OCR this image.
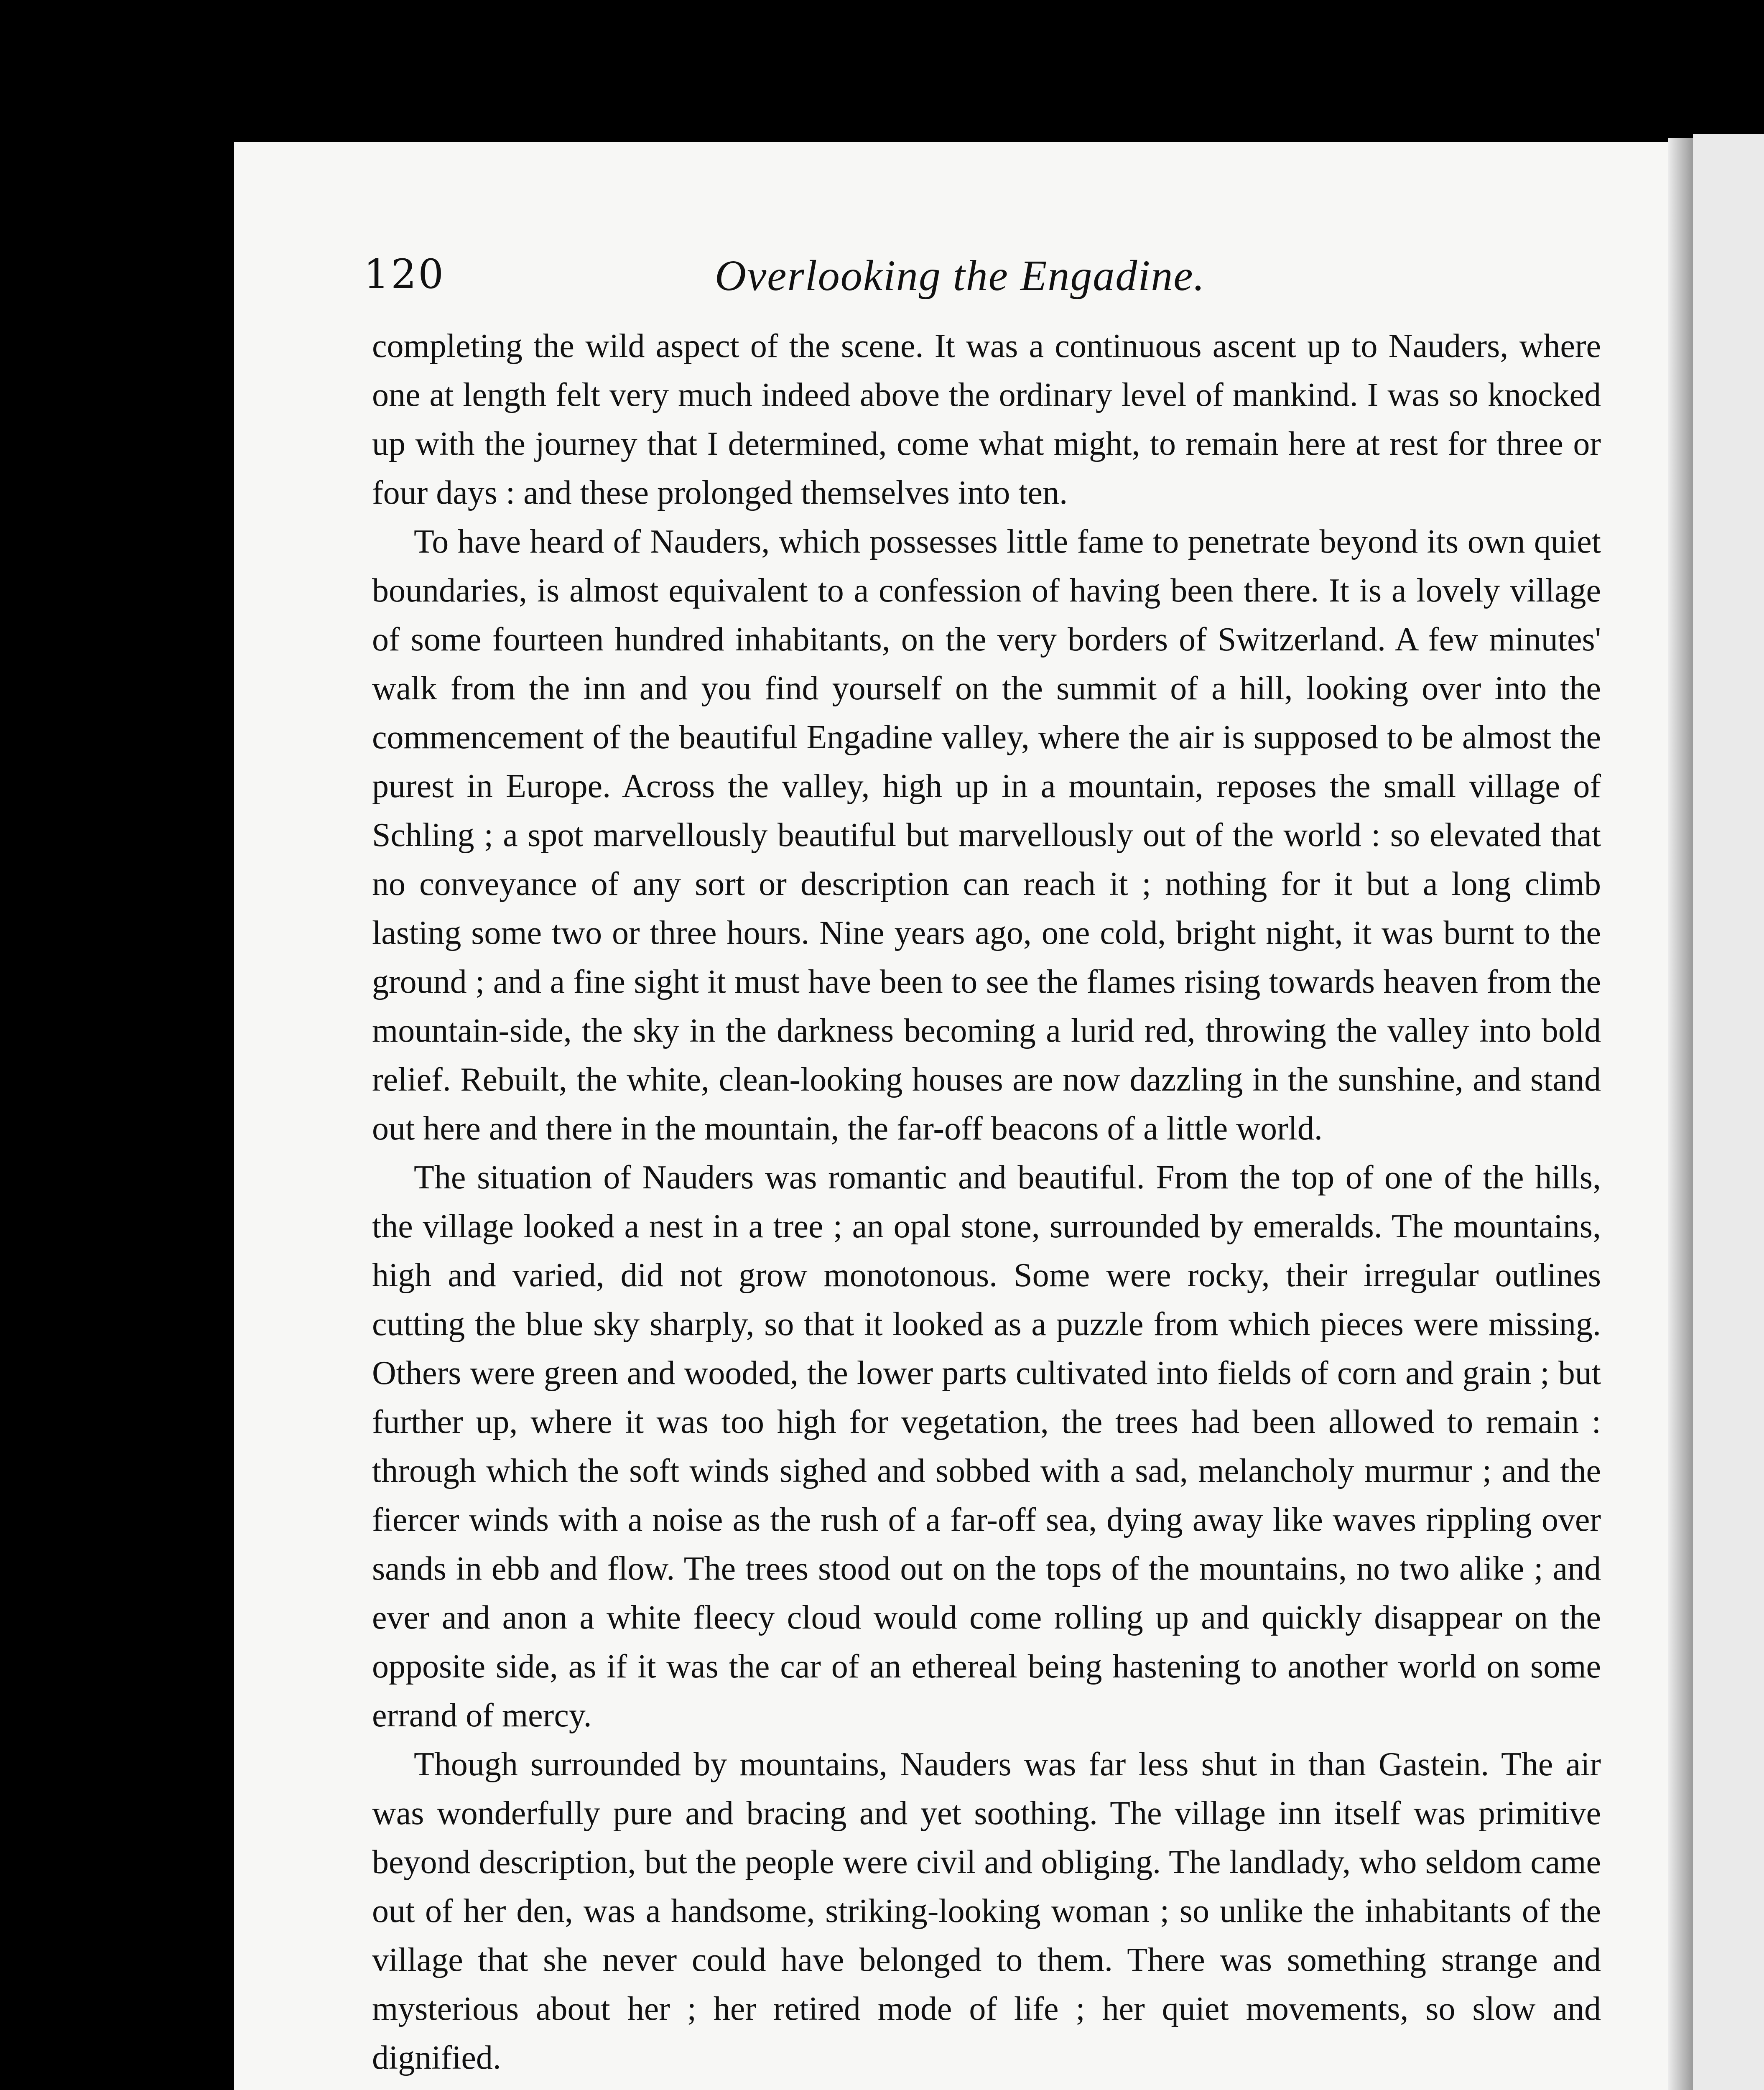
120	Overlooking the Engadine.

completing the wild aspect of the scene. It was a continuous ascent up to Nauders, where one at length felt very much indeed above the ordinary level of mankind. I was so knocked up with the journey that I determined, come what might, to remain here at rest for three or four days : and these prolonged themselves into ten.

To have heard of Nauders, which possesses little fame to penetrate beyond its own quiet boundaries, is almost equivalent to a confession of having been there. It is a lovely village of some fourteen hundred inhabitants, on the very borders of Switzerland. A few minutes' walk from the inn and you find yourself on the summit of a hill, looking over into the commencement of the beautiful Engadine valley, where the air is supposed to be almost the purest in Europe. Across the valley, high up in a mountain, reposes the small village of Schling ; a spot marvellously beautiful but marvellously out of the world : so elevated that no conveyance of any sort or description can reach it ; nothing for it but a long climb lasting some two or three hours. Nine years ago, one cold, bright night, it was burnt to the ground ; and a fine sight it must have been to see the flames rising towards heaven from the mountain-side, the sky in the darkness becoming a lurid red, throwing the valley into bold relief. Rebuilt, the white, clean-looking houses are now dazzling in the sunshine, and stand out here and there in the mountain, the far-off beacons of a little world.

The situation of Nauders was romantic and beautiful. From the top of one of the hills, the village looked a nest in a tree ; an opal stone, surrounded by emeralds. The mountains, high and varied, did not grow monotonous. Some were rocky, their irregular outlines cutting the blue sky sharply, so that it looked as a puzzle from which pieces were missing. Others were green and wooded, the lower parts cultivated into fields of corn and grain ; but further up, where it was too high for vegetation, the trees had been allowed to remain : through which the soft winds sighed and sobbed with a sad, melancholy murmur ; and the fiercer winds with a noise as the rush of a far-off sea, dying away like waves rippling over sands in ebb and flow. The trees stood out on the tops of the mountains, no two alike ; and ever and anon a white fleecy cloud would come rolling up and quickly disappear on the opposite side, as if it was the car of an ethereal being hastening to another world on some errand of mercy.

Though surrounded by mountains, Nauders was far less shut in than Gastein. The air was wonderfully pure and bracing and yet soothing. The village inn itself was primitive beyond description, but the people were civil and obliging. The landlady, who seldom came out of her den, was a handsome, striking-looking woman ; so unlike the inhabitants of the village that she never could have belonged to them. There was something strange and mysterious about her ; her retired mode of life ; her quiet movements, so slow and dignified.
